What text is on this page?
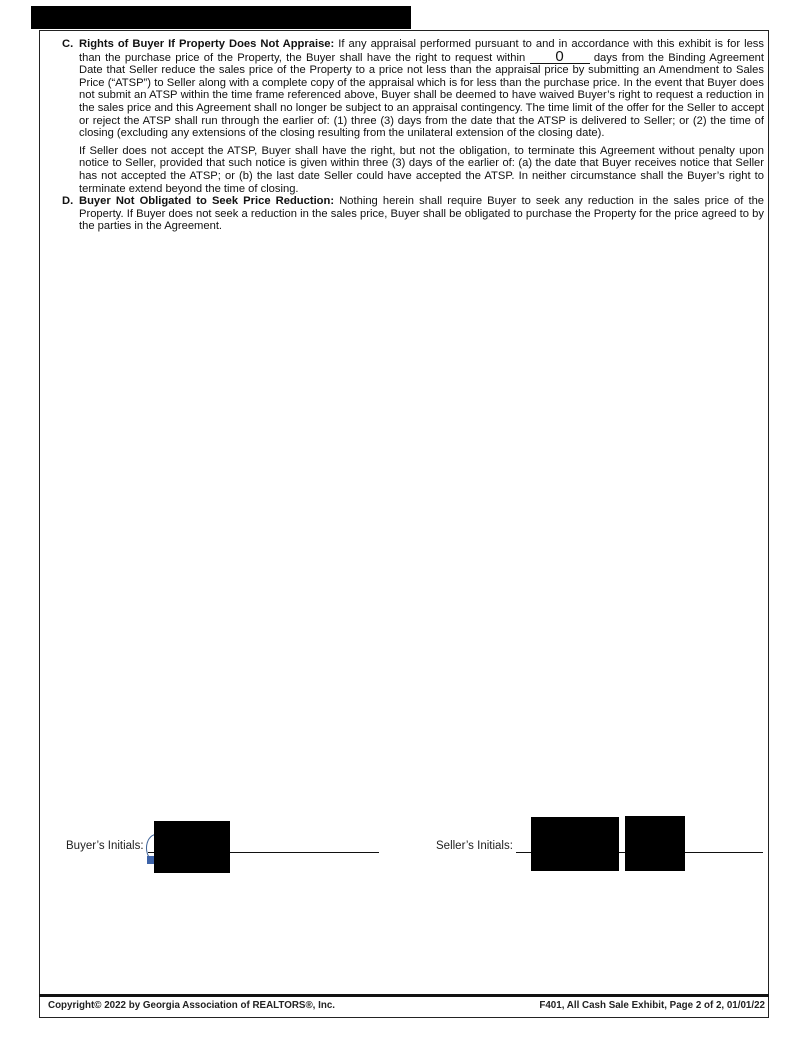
C. Rights of Buyer If Property Does Not Appraise: If any appraisal performed pursuant to and in accordance with this exhibit is for less than the purchase price of the Property, the Buyer shall have the right to request within 0	days from the Binding Agreement Date that Seller reduce the sales price of the Property to a price not less than the appraisal price by submitting an Amendment to Sales Price (“ATSP”) to Seller along with a complete copy of the appraisal which is for less than the purchase price. In the event that Buyer does not submit an ATSP within the time frame referenced above, Buyer shall be deemed to have waived Buyer’s right to request a reduction in the sales price and this Agreement shall no longer be subject to an appraisal contingency. The time limit of the offer for the Seller to accept or reject the ATSP shall run through the earlier of: (1) three (3) days from the date that the ATSP is delivered to Seller; or (2) the time of closing (excluding any extensions of the closing resulting from the unilateral extension of the closing date).
If Seller does not accept the ATSP, Buyer shall have the right, but not the obligation, to terminate this Agreement without penalty upon notice to Seller, provided that such notice is given within three (3) days of the earlier of: (a) the date that Buyer receives notice that Seller has not accepted the ATSP; or (b) the last date Seller could have accepted the ATSP. In neither circumstance shall the Buyer’s right to terminate extend beyond the time of closing.
D. Buyer Not Obligated to Seek Price Reduction: Nothing herein shall require Buyer to seek any reduction in the sales price of the Property. If Buyer does not seek a reduction in the sales price, Buyer shall be obligated to purchase the Property for the price agreed to by the parties in the Agreement.
Buyer’s Initials:	Seller’s Initials:
Copyright© 2022 by Georgia Association of REALTORS®, Inc.	F401, All Cash Sale Exhibit, Page 2 of 2, 01/01/22
